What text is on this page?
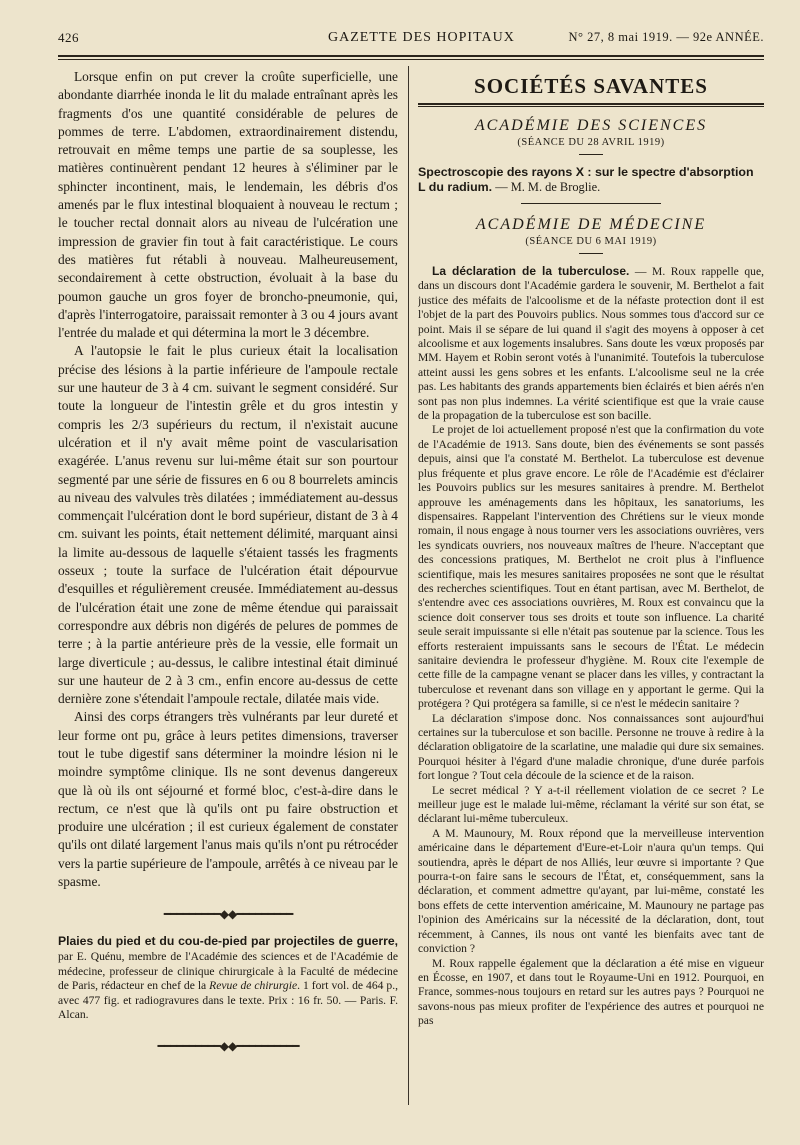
426	GAZETTE DES HOPITAUX	N° 27, 8 mai 1919. — 92e ANNÉE.

Lorsque enfin on put crever la croûte superficielle, une abondante diarrhée inonda le lit du malade entraînant après les fragments d'os une quantité considérable de pelures de pommes de terre. L'abdomen, extraordinairement distendu, retrouvait en même temps une partie de sa souplesse, les matières continuèrent pendant 12 heures à s'éliminer par le sphincter incontinent, mais, le lendemain, les débris d'os amenés par le flux intestinal bloquaient à nouveau le rectum ; le toucher rectal donnait alors au niveau de l'ulcération une impression de gravier fin tout à fait caractéristique. Le cours des matières fut rétabli à nouveau. Malheureusement, secondairement à cette obstruction, évoluait à la base du poumon gauche un gros foyer de broncho-pneumonie, qui, d'après l'interrogatoire, paraissait remonter à 3 ou 4 jours avant l'entrée du malade et qui détermina la mort le 3 décembre.

A l'autopsie le fait le plus curieux était la localisation précise des lésions à la partie inférieure de l'ampoule rectale sur une hauteur de 3 à 4 cm. suivant le segment considéré. Sur toute la longueur de l'intestin grêle et du gros intestin y compris les 2/3 supérieurs du rectum, il n'existait aucune ulcération et il n'y avait même point de vascularisation exagérée. L'anus revenu sur lui-même était sur son pourtour segmenté par une série de fissures en 6 ou 8 bourrelets amincis au niveau des valvules très dilatées ; immédiatement au-dessus commençait l'ulcération dont le bord supérieur, distant de 3 à 4 cm. suivant les points, était nettement délimité, marquant ainsi la limite au-dessous de laquelle s'étaient tassés les fragments osseux ; toute la surface de l'ulcération était dépourvue d'esquilles et régulièrement creusée. Immédiatement au-dessus de l'ulcération était une zone de même étendue qui paraissait correspondre aux débris non digérés de pelures de pommes de terre ; à la partie antérieure près de la vessie, elle formait un large diverticule ; au-dessus, le calibre intestinal était diminué sur une hauteur de 2 à 3 cm., enfin encore au-dessus de cette dernière zone s'étendait l'ampoule rectale, dilatée mais vide.

Ainsi des corps étrangers très vulnérants par leur dureté et leur forme ont pu, grâce à leurs petites dimensions, traverser tout le tube digestif sans déterminer la moindre lésion ni le moindre symptôme clinique. Ils ne sont devenus dangereux que là où ils ont séjourné et formé bloc, c'est-à-dire dans le rectum, ce n'est que là qu'ils ont pu faire obstruction et produire une ulcération ; il est curieux également de constater qu'ils ont dilaté largement l'anus mais qu'ils n'ont pu rétrocéder vers la partie supérieure de l'ampoule, arrêtés à ce niveau par le spasme.

━━━━━━━━━◆◆━━━━━━━━━

Plaies du pied et du cou-de-pied par projectiles de guerre, par E. Quénu, membre de l'Académie des sciences et de l'Académie de médecine, professeur de clinique chirurgicale à la Faculté de médecine de Paris, rédacteur en chef de la Revue de chirurgie. 1 fort vol. de 464 p., avec 477 fig. et radiogravures dans le texte. Prix : 16 fr. 50. — Paris. F. Alcan.

━━━━━━━━━━◆◆━━━━━━━━━━
SOCIÉTÉS SAVANTES
ACADÉMIE DES SCIENCES
(SÉANCE DU 28 AVRIL 1919)

Spectroscopie des rayons X : sur le spectre d'absorption L du radium. — M. M. de Broglie.

ACADÉMIE DE MÉDECINE
(SÉANCE DU 6 MAI 1919)

La déclaration de la tuberculose. — M. Roux rappelle que, dans un discours dont l'Académie gardera le souvenir, M. Berthelot a fait justice des méfaits de l'alcoolisme et de la néfaste protection dont il est l'objet de la part des Pouvoirs publics. Nous sommes tous d'accord sur ce point. Mais il se sépare de lui quand il s'agit des moyens à opposer à cet alcoolisme et aux logements insalubres. Sans doute les vœux proposés par MM. Hayem et Robin seront votés à l'unanimité. Toutefois la tuberculose atteint aussi les gens sobres et les enfants. L'alcoolisme seul ne la crée pas. Les habitants des grands appartements bien éclairés et bien aérés n'en sont pas non plus indemnes. La vérité scientifique est que la vraie cause de la propagation de la tuberculose est son bacille.

Le projet de loi actuellement proposé n'est que la confirmation du vote de l'Académie de 1913. Sans doute, bien des événements se sont passés depuis, ainsi que l'a constaté M. Berthelot. La tuberculose est devenue plus fréquente et plus grave encore. Le rôle de l'Académie est d'éclairer les Pouvoirs publics sur les mesures sanitaires à prendre. M. Berthelot approuve les aménagements dans les hôpitaux, les sanatoriums, les dispensaires. Rappelant l'intervention des Chrétiens sur le vieux monde romain, il nous engage à nous tourner vers les associations ouvrières, vers les syndicats ouvriers, nos nouveaux maîtres de l'heure. N'acceptant que des concessions pratiques, M. Berthelot ne croit plus à l'influence scientifique, mais les mesures sanitaires proposées ne sont que le résultat des recherches scientifiques. Tout en étant partisan, avec M. Berthelot, de s'entendre avec ces associations ouvrières, M. Roux est convaincu que la science doit conserver tous ses droits et toute son influence. La charité seule serait impuissante si elle n'était pas soutenue par la science. Tous les efforts resteraient impuissants sans le secours de l'État. Le médecin sanitaire deviendra le professeur d'hygiène. M. Roux cite l'exemple de cette fille de la campagne venant se placer dans les villes, y contractant la tuberculose et revenant dans son village en y apportant le germe. Qui la protégera ? Qui protégera sa famille, si ce n'est le médecin sanitaire ?

La déclaration s'impose donc. Nos connaissances sont aujourd'hui certaines sur la tuberculose et son bacille. Personne ne trouve à redire à la déclaration obligatoire de la scarlatine, une maladie qui dure six semaines. Pourquoi hésiter à l'égard d'une maladie chronique, d'une durée parfois fort longue ? Tout cela découle de la science et de la raison.

Le secret médical ? Y a-t-il réellement violation de ce secret ? Le meilleur juge est le malade lui-même, réclamant la vérité sur son état, se déclarant lui-même tuberculeux.

A M. Maunoury, M. Roux répond que la merveilleuse intervention américaine dans le département d'Eure-et-Loir n'aura qu'un temps. Qui soutiendra, après le départ de nos Alliés, leur œuvre si importante ? Que pourra-t-on faire sans le secours de l'État, et, conséquemment, sans la déclaration, et comment admettre qu'ayant, par lui-même, constaté les bons effets de cette intervention américaine, M. Maunoury ne partage pas l'opinion des Américains sur la nécessité de la déclaration, dont, tout récemment, à Cannes, ils nous ont vanté les bienfaits avec tant de conviction ?

M. Roux rappelle également que la déclaration a été mise en vigueur en Écosse, en 1907, et dans tout le Royaume-Uni en 1912. Pourquoi, en France, sommes-nous toujours en retard sur les autres pays ? Pourquoi ne savons-nous pas mieux profiter de l'expérience des autres et pourquoi ne pas
